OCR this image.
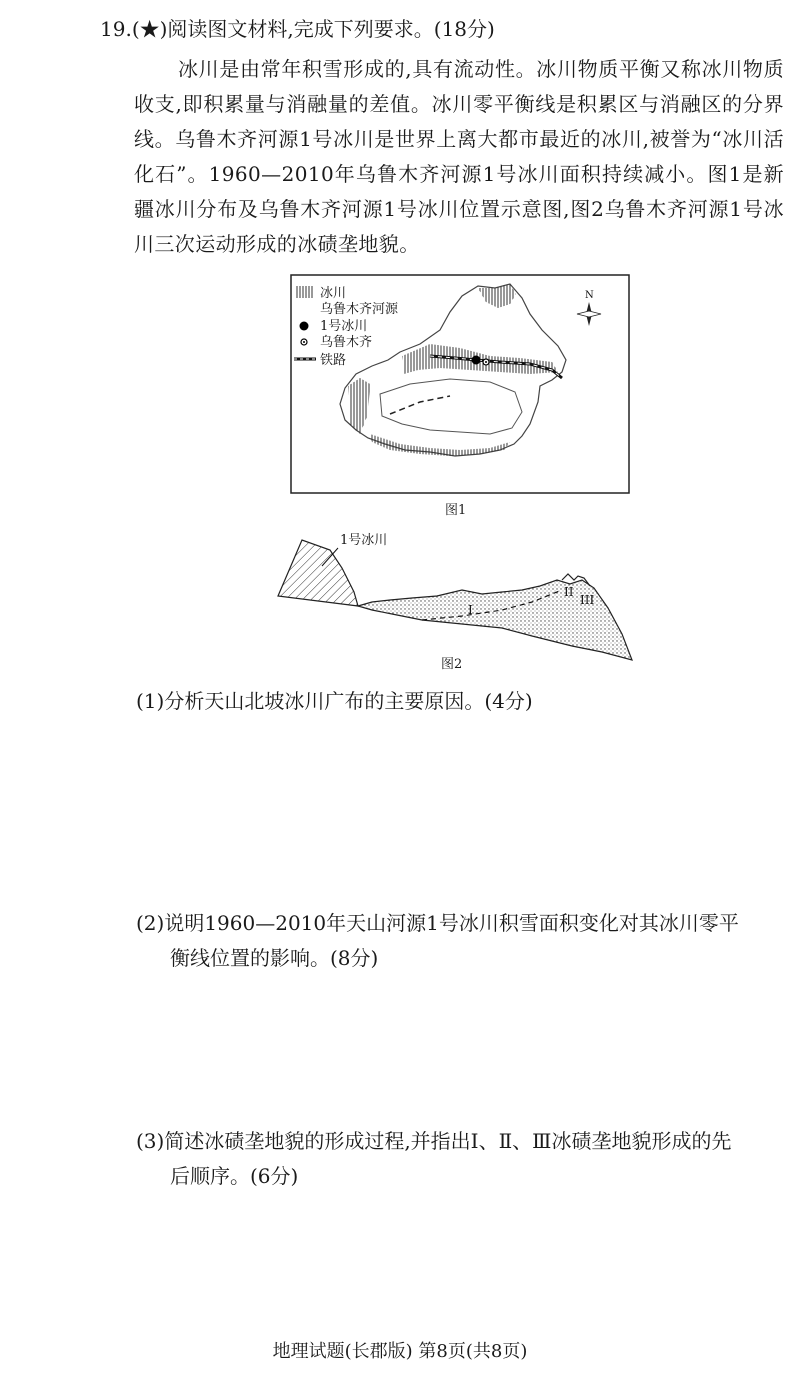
19.(★)阅读图文材料,完成下列要求。(18分)

冰川是由常年积雪形成的,具有流动性。冰川物质平衡又称冰川物质收支,即积累量与消融量的差值。冰川零平衡线是积累区与消融区的分界线。乌鲁木齐河源1号冰川是世界上离大都市最近的冰川,被誉为“冰川活化石”。1960—2010年乌鲁木齐河源1号冰川面积持续减小。图1是新疆冰川分布及乌鲁木齐河源1号冰川位置示意图,图2乌鲁木齐河源1号冰川三次运动形成的冰碛垄地貌。

冰川
乌鲁木齐河源
1号冰川
乌鲁木齐
铁路
N
图1
1号冰川
I
II
III
图2
(1)分析天山北坡冰川广布的主要原因。(4分)
(2)说明1960—2010年天山河源1号冰川积雪面积变化对其冰川零平
衡线位置的影响。(8分)
(3)简述冰碛垄地貌的形成过程,并指出Ⅰ、Ⅱ、Ⅲ冰碛垄地貌形成的先
后顺序。(6分)
地理试题(长郡版) 第8页(共8页)
